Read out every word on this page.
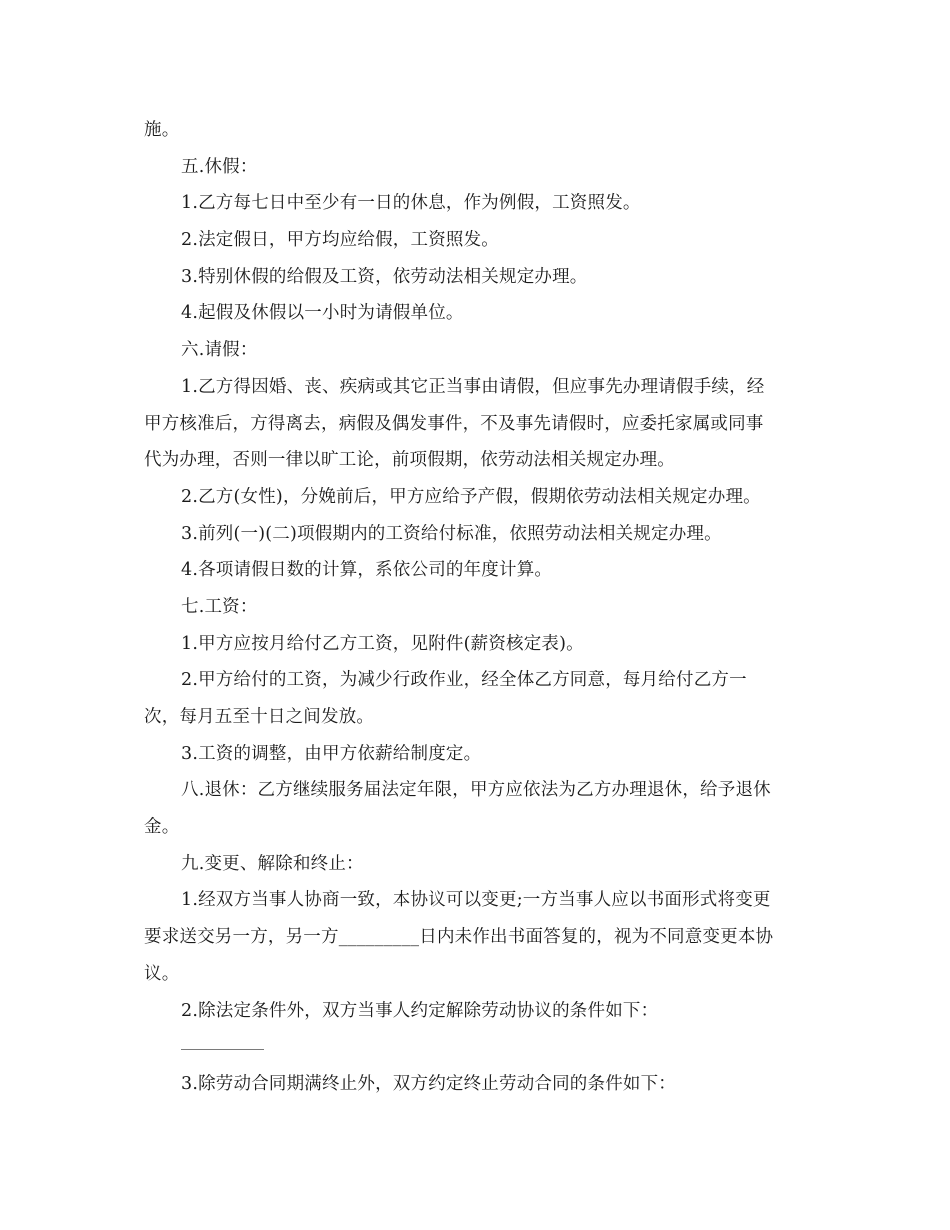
施。
五.休假：
1.乙方每七日中至少有一日的休息，作为例假，工资照发。
2.法定假日，甲方均应给假，工资照发。
3.特别休假的给假及工资，依劳动法相关规定办理。
4.起假及休假以一小时为请假单位。
六.请假：
1.乙方得因婚、丧、疾病或其它正当事由请假，但应事先办理请假手续，经
甲方核准后，方得离去，病假及偶发事件，不及事先请假时，应委托家属或同事
代为办理，否则一律以旷工论，前项假期，依劳动法相关规定办理。
2.乙方(女性)，分娩前后，甲方应给予产假，假期依劳动法相关规定办理。
3.前列(一)(二)项假期内的工资给付标准，依照劳动法相关规定办理。
4.各项请假日数的计算，系依公司的年度计算。
七.工资：
1.甲方应按月给付乙方工资，见附件(薪资核定表)。
2.甲方给付的工资，为减少行政作业，经全体乙方同意，每月给付乙方一
次，每月五至十日之间发放。
3.工资的调整，由甲方依薪给制度定。
八.退休：乙方继续服务届法定年限，甲方应依法为乙方办理退休，给予退休
金。
九.变更、解除和终止：
1.经双方当事人协商一致，本协议可以变更;一方当事人应以书面形式将变更
要求送交另一方，另一方_________日内未作出书面答复的，视为不同意变更本协
议。
2.除法定条件外，双方当事人约定解除劳动协议的条件如下：
3.除劳动合同期满终止外，双方约定终止劳动合同的条件如下：
